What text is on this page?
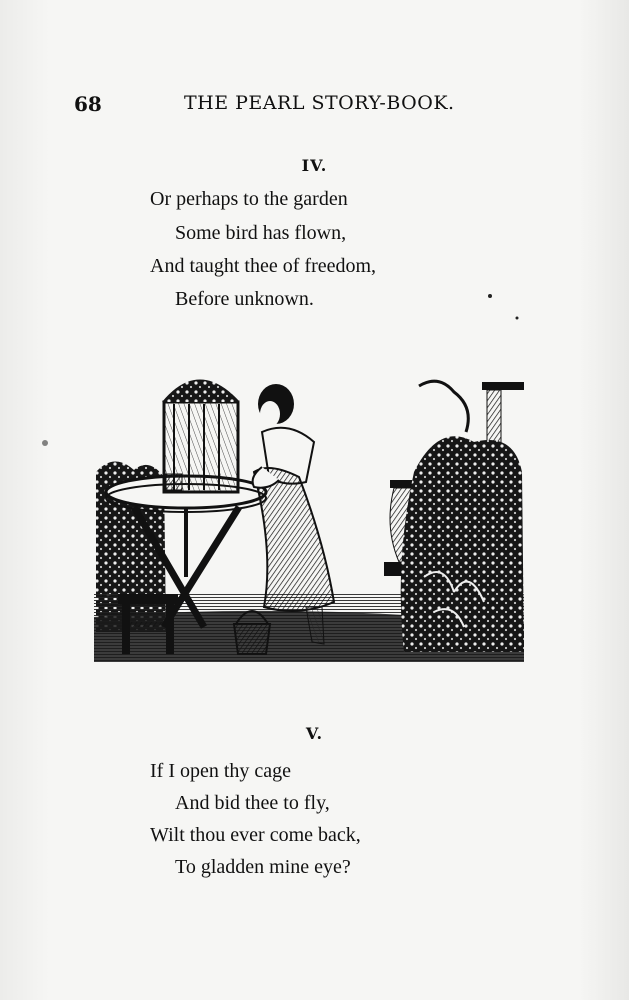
68	THE PEARL STORY-BOOK.
IV.
Or perhaps to the garden
Some bird has flown,
And taught thee of freedom,
Before unknown.
V.
If I open thy cage
And bid thee to fly,
Wilt thou ever come back,
To gladden mine eye?
